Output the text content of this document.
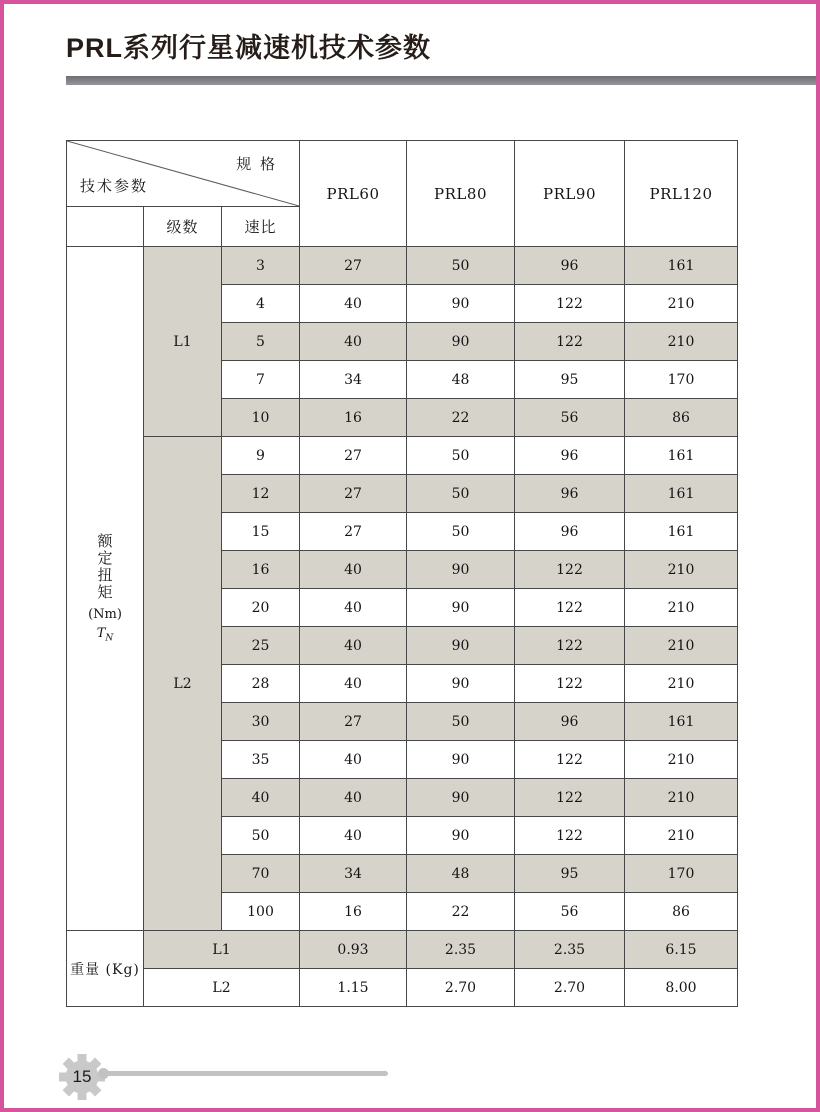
PRL系列行星减速机技术参数
规 格
技术参数			PRL60	PRL80	PRL90	PRL120
	级数	速比				

额定扭矩
(Nm)
$T_N$	L1	3	27	50	96	161
		4	40	90	122	210
		5	40	90	122	210
		7	34	48	95	170
		10	16	22	56	86
	L2	9	27	50	96	161
		12	27	50	96	161
		15	27	50	96	161
		16	40	90	122	210
		20	40	90	122	210
		25	40	90	122	210
		28	40	90	122	210
		30	27	50	96	161
		35	40	90	122	210
		40	40	90	122	210
		50	40	90	122	210
		70	34	48	95	170
		100	16	22	56	86
重量 (Kg)	L1		0.93	2.35	2.35	6.15
	L2		1.15	2.70	2.70	8.00
15
